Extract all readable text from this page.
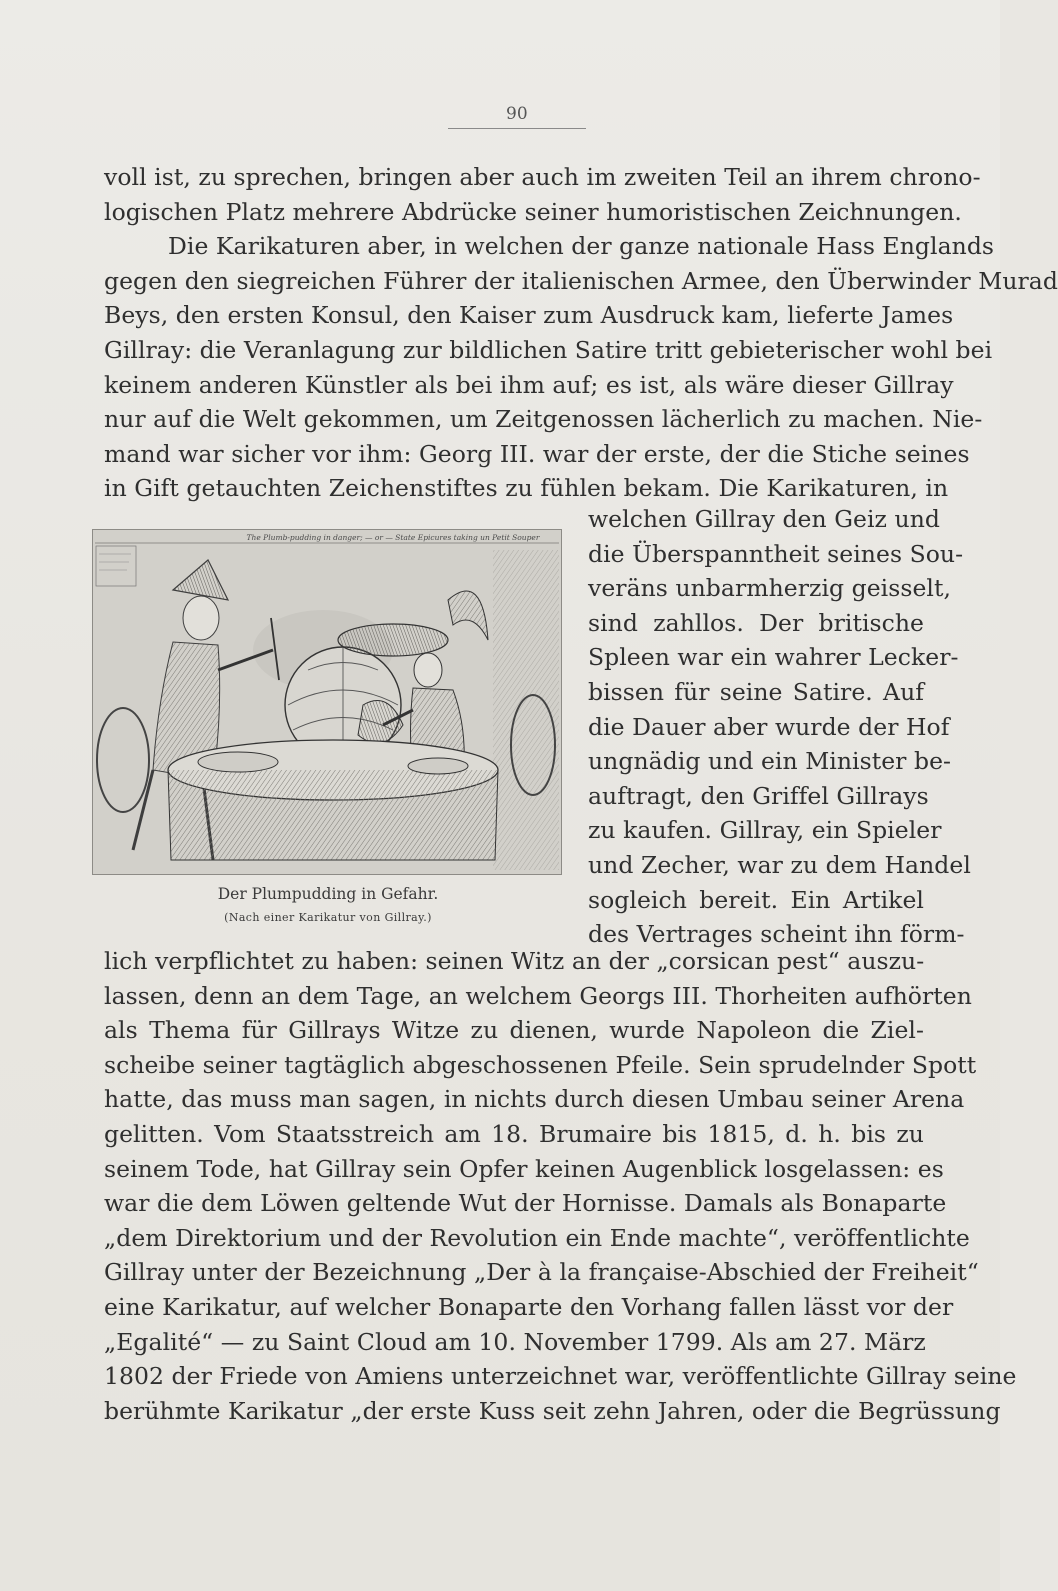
90
voll ist, zu sprechen, bringen aber auch im zweiten Teil an ihrem chrono-
logischen Platz mehrere Abdrücke seiner humoristischen Zeichnungen.
Die Karikaturen aber, in welchen der ganze nationale Hass Englands
gegen den siegreichen Führer der italienischen Armee, den Überwinder Murad
Beys, den ersten Konsul, den Kaiser zum Ausdruck kam, lieferte James
Gillray: die Veranlagung zur bildlichen Satire tritt gebieterischer wohl bei
keinem anderen Künstler als bei ihm auf; es ist, als wäre dieser Gillray
nur auf die Welt gekommen, um Zeitgenossen lächerlich zu machen. Nie-
mand war sicher vor ihm: Georg III. war der erste, der die Stiche seines
in Gift getauchten Zeichenstiftes zu fühlen bekam. Die Karikaturen, in
welchen Gillray den Geiz und
die Überspanntheit seines Sou-
veräns unbarmherzig geisselt,
sind zahllos. Der britische
Spleen war ein wahrer Lecker-
bissen für seine Satire. Auf
die Dauer aber wurde der Hof
ungnädig und ein Minister be-
auftragt, den Griffel Gillrays
zu kaufen. Gillray, ein Spieler
und Zecher, war zu dem Handel
sogleich bereit. Ein Artikel
des Vertrages scheint ihn förm-
The Plumb-pudding in danger; — or — State Epicures taking un Petit Souper
Der Plumpudding in Gefahr.
(Nach einer Karikatur von Gillray.)
lich verpflichtet zu haben: seinen Witz an der „corsican pest“ auszu-
lassen, denn an dem Tage, an welchem Georgs III. Thorheiten aufhörten
als Thema für Gillrays Witze zu dienen, wurde Napoleon die Ziel-
scheibe seiner tagtäglich abgeschossenen Pfeile. Sein sprudelnder Spott
hatte, das muss man sagen, in nichts durch diesen Umbau seiner Arena
gelitten. Vom Staatsstreich am 18. Brumaire bis 1815, d. h. bis zu
seinem Tode, hat Gillray sein Opfer keinen Augenblick losgelassen: es
war die dem Löwen geltende Wut der Hornisse. Damals als Bonaparte
„dem Direktorium und der Revolution ein Ende machte“, veröffentlichte
Gillray unter der Bezeichnung „Der à la française-Abschied der Freiheit“
eine Karikatur, auf welcher Bonaparte den Vorhang fallen lässt vor der
„Egalité“ — zu Saint Cloud am 10. November 1799. Als am 27. März
1802 der Friede von Amiens unterzeichnet war, veröffentlichte Gillray seine
berühmte Karikatur „der erste Kuss seit zehn Jahren, oder die Begrüssung
